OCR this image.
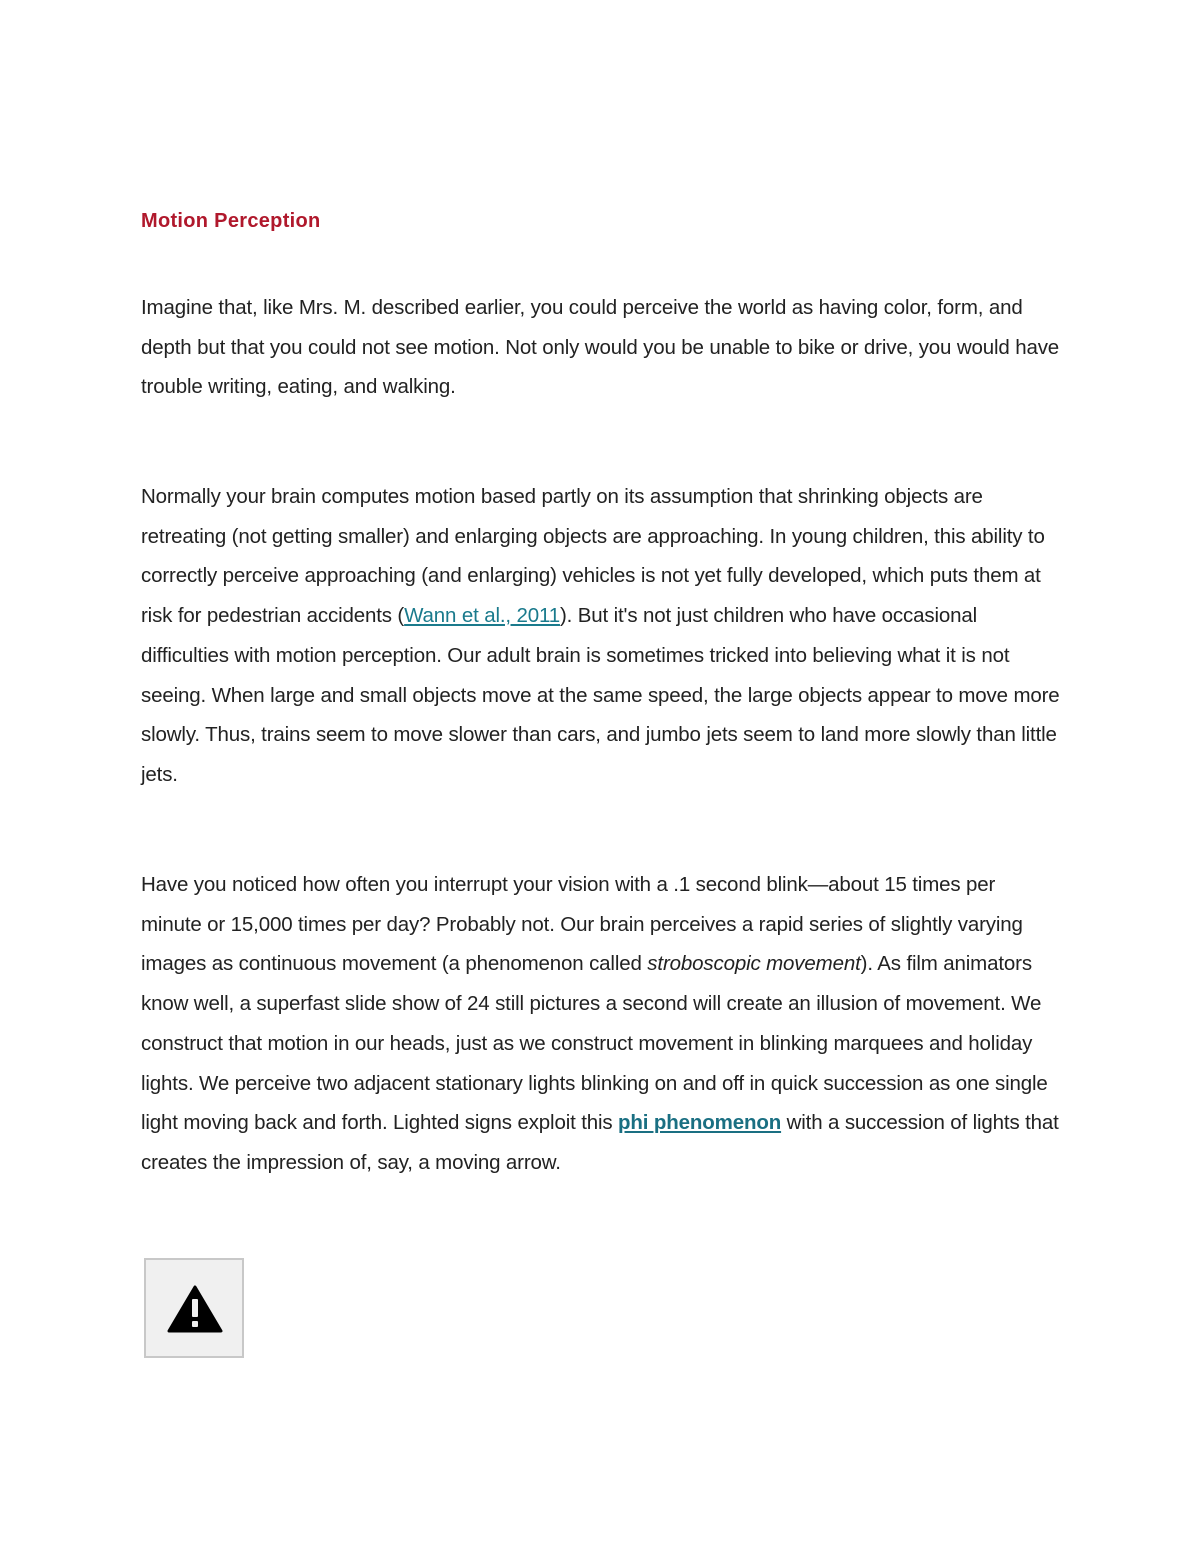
Motion Perception

Imagine that, like Mrs. M. described earlier, you could perceive the world as having color, form, and depth but that you could not see motion. Not only would you be unable to bike or drive, you would have trouble writing, eating, and walking.

Normally your brain computes motion based partly on its assumption that shrinking objects are retreating (not getting smaller) and enlarging objects are approaching. In young children, this ability to correctly perceive approaching (and enlarging) vehicles is not yet fully developed, which puts them at risk for pedestrian accidents (Wann et al., 2011). But it's not just children who have occasional difficulties with motion perception. Our adult brain is sometimes tricked into believing what it is not seeing. When large and small objects move at the same speed, the large objects appear to move more slowly. Thus, trains seem to move slower than cars, and jumbo jets seem to land more slowly than little jets.

Have you noticed how often you interrupt your vision with a .1 second blink—about 15 times per minute or 15,000 times per day? Probably not. Our brain perceives a rapid series of slightly varying images as continuous movement (a phenomenon called stroboscopic movement). As film animators know well, a superfast slide show of 24 still pictures a second will create an illusion of movement. We construct that motion in our heads, just as we construct movement in blinking marquees and holiday lights. We perceive two adjacent stationary lights blinking on and off in quick succession as one single light moving back and forth. Lighted signs exploit this phi phenomenon with a succession of lights that creates the impression of, say, a moving arrow.
